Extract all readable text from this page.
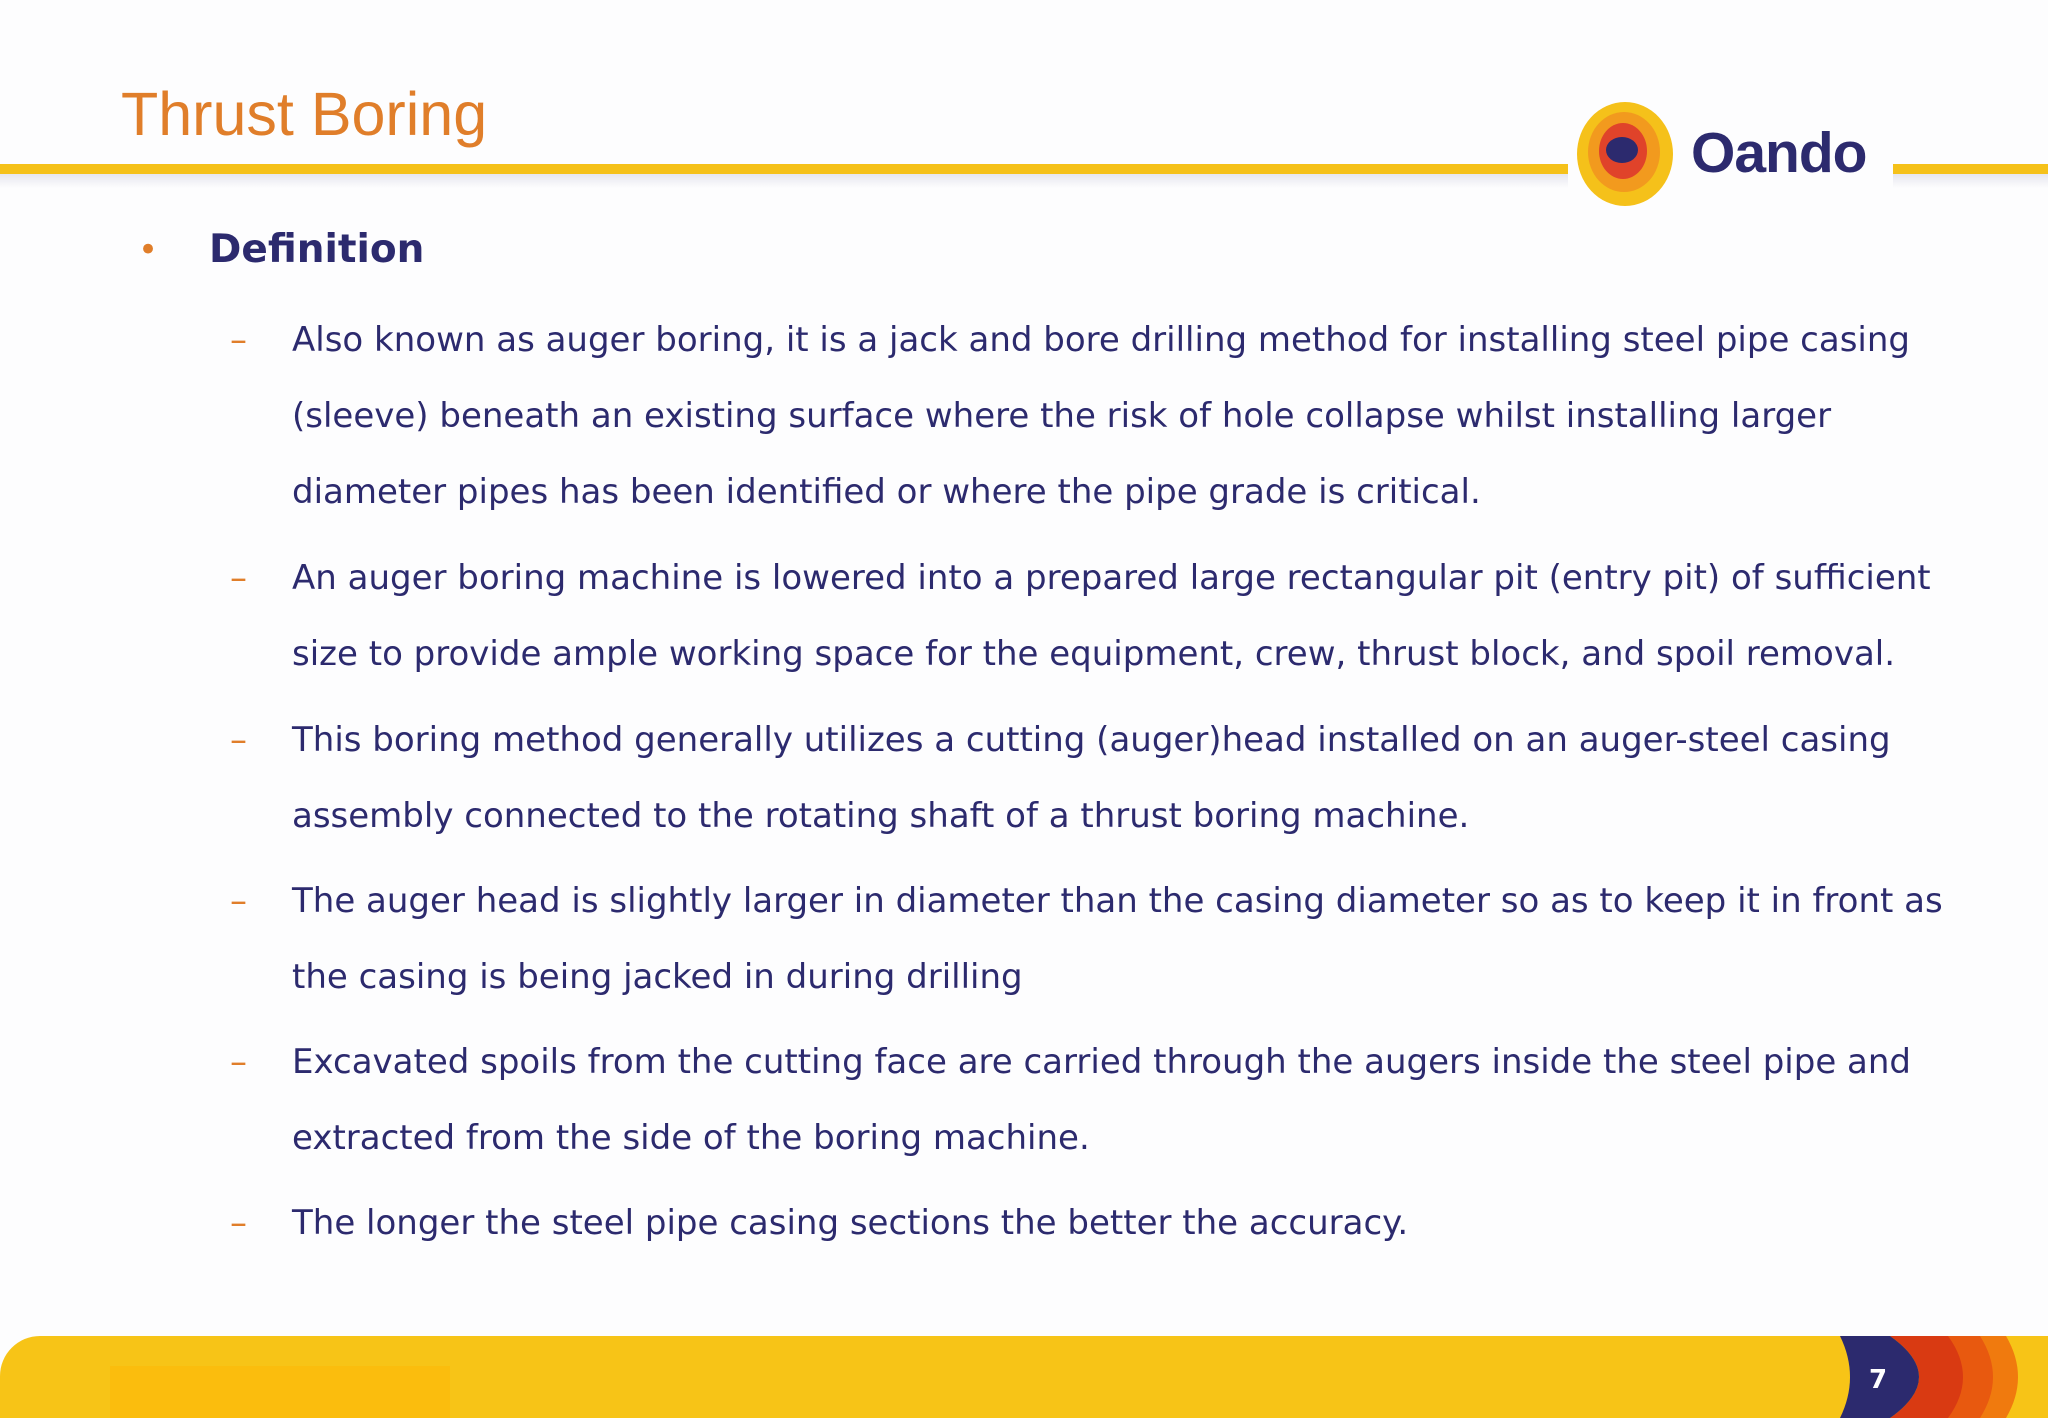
Thrust Boring
Oando
• Definition
– Also known as auger boring, it is a jack and bore drilling method for installing steel pipe casing
(sleeve) beneath an existing surface where the risk of hole collapse whilst installing larger
diameter pipes has been identified or where the pipe grade is critical.
– An auger boring machine is lowered into a prepared large rectangular pit (entry pit) of sufficient
size to provide ample working space for the equipment, crew, thrust block, and spoil removal.
– This boring method generally utilizes a cutting (auger)head installed on an auger-steel casing
assembly connected to the rotating shaft of a thrust boring machine.
– The auger head is slightly larger in diameter than the casing diameter so as to keep it in front as
the casing is being jacked in during drilling
– Excavated spoils from the cutting face are carried through the augers inside the steel pipe and
extracted from the side of the boring machine.
– The longer the steel pipe casing sections the better the accuracy.
7
